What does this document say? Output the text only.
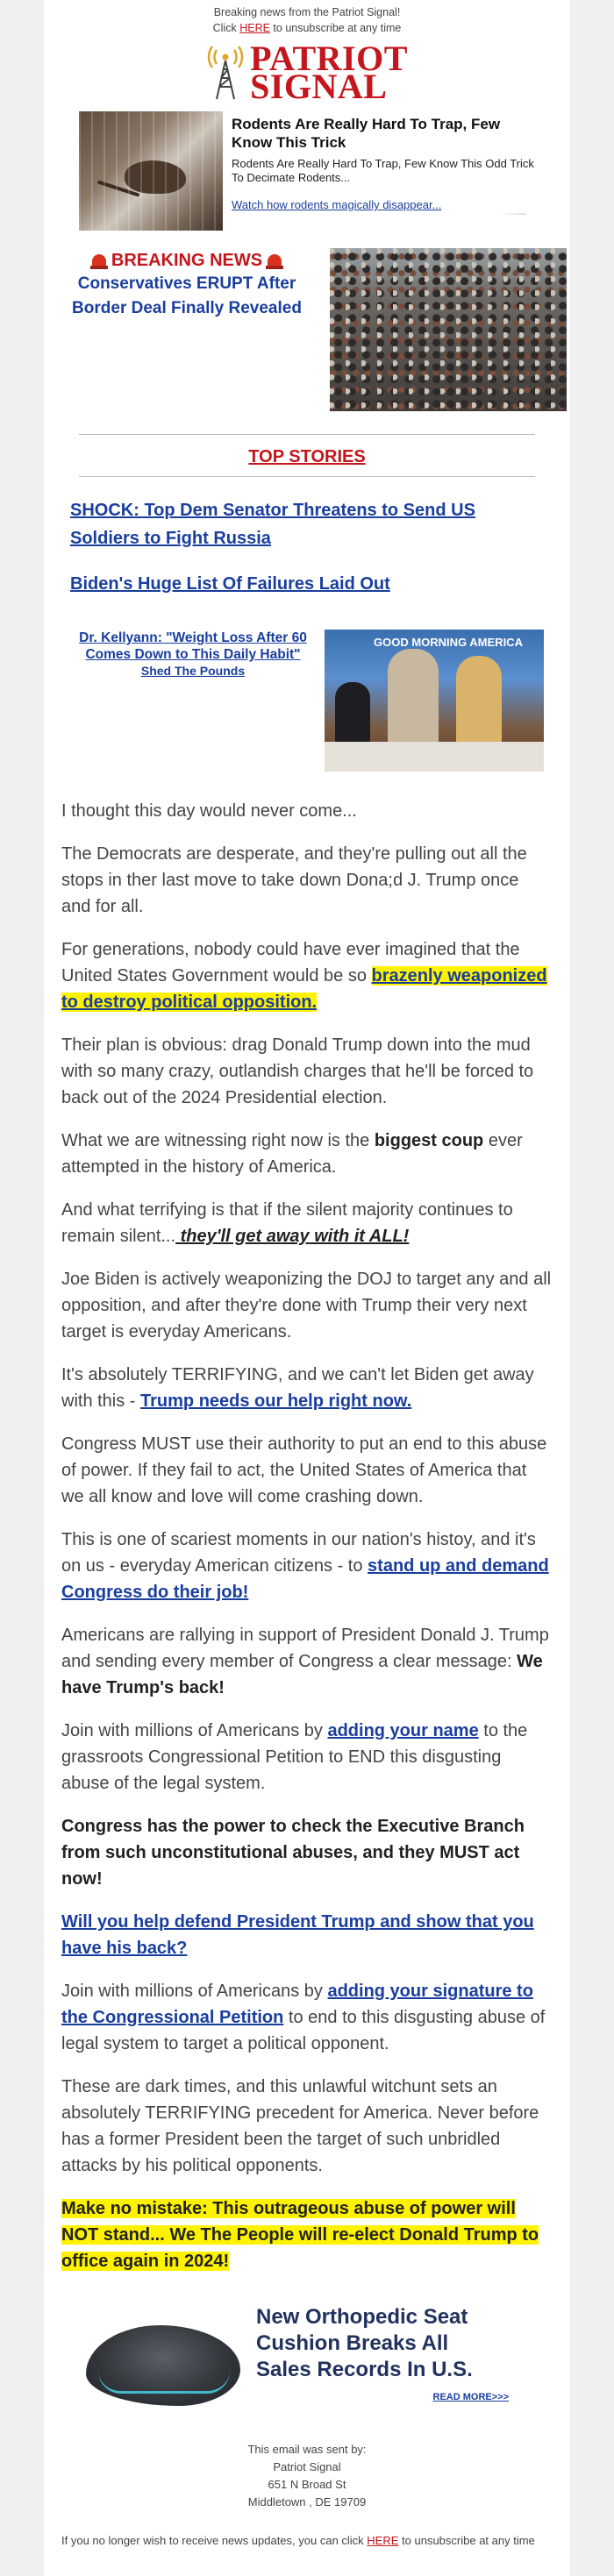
Breaking news from the Patriot Signal!
Click HERE to unsubscribe at any time
PATRIOT
SIGNAL
Rodents Are Really Hard To Trap, Few Know This Trick
Rodents Are Really Hard To Trap, Few Know This Odd Trick To Decimate Rodents...
Watch how rodents magically disappear...
BREAKING NEWS
Conservatives ERUPT After Border Deal Finally Revealed
TOP STORIES
SHOCK: Top Dem Senator Threatens to Send US Soldiers to Fight Russia
Biden's Huge List Of Failures Laid Out
Dr. Kellyann: "Weight Loss After 60 Comes Down to This Daily Habit"
Shed The Pounds
GOOD MORNING AMERICA

I thought this day would never come...

The Democrats are desperate, and they're pulling out all the stops in ther last move to take down Dona;d J. Trump once and for all.

For generations, nobody could have ever imagined that the United States Government would be so brazenly weaponized to destroy political opposition.

Their plan is obvious: drag Donald Trump down into the mud with so many crazy, outlandish charges that he'll be forced to back out of the 2024 Presidential election.

What we are witnessing right now is the biggest coup ever attempted in the history of America.

And what terrifying is that if the silent majority continues to remain silent... they'll get away with it ALL!

Joe Biden is actively weaponizing the DOJ to target any and all opposition, and after they're done with Trump their very next target is everyday Americans.

It's absolutely TERRIFYING, and we can't let Biden get away with this - Trump needs our help right now.

Congress MUST use their authority to put an end to this abuse of power. If they fail to act, the United States of America that we all know and love will come crashing down.

This is one of scariest moments in our nation's histoy, and it's on us - everyday American citizens - to stand up and demand Congress do their job!

Americans are rallying in support of President Donald J. Trump and sending every member of Congress a clear message: We have Trump's back!

Join with millions of Americans by adding your name to the grassroots Congressional Petition to END this disgusting abuse of the legal system.

Congress has the power to check the Executive Branch from such unconstitutional abuses, and they MUST act now!

Will you help defend President Trump and show that you have his back?

Join with millions of Americans by adding your signature to the Congressional Petition to end to this disgusting abuse of legal system to target a political opponent.

These are dark times, and this unlawful witchunt sets an absolutely TERRIFYING precedent for America. Never before has a former President been the target of such unbridled attacks by his political opponents.

Make no mistake: This outrageous abuse of power will NOT stand... We The People will re-elect Donald Trump to office again in 2024!

New Orthopedic Seat Cushion Breaks All Sales Records In U.S.
READ MORE>>>
This email was sent by:
Patriot Signal
651 N Broad St
Middletown , DE 19709
If you no longer wish to receive news updates, you can click HERE to unsubscribe at any time
